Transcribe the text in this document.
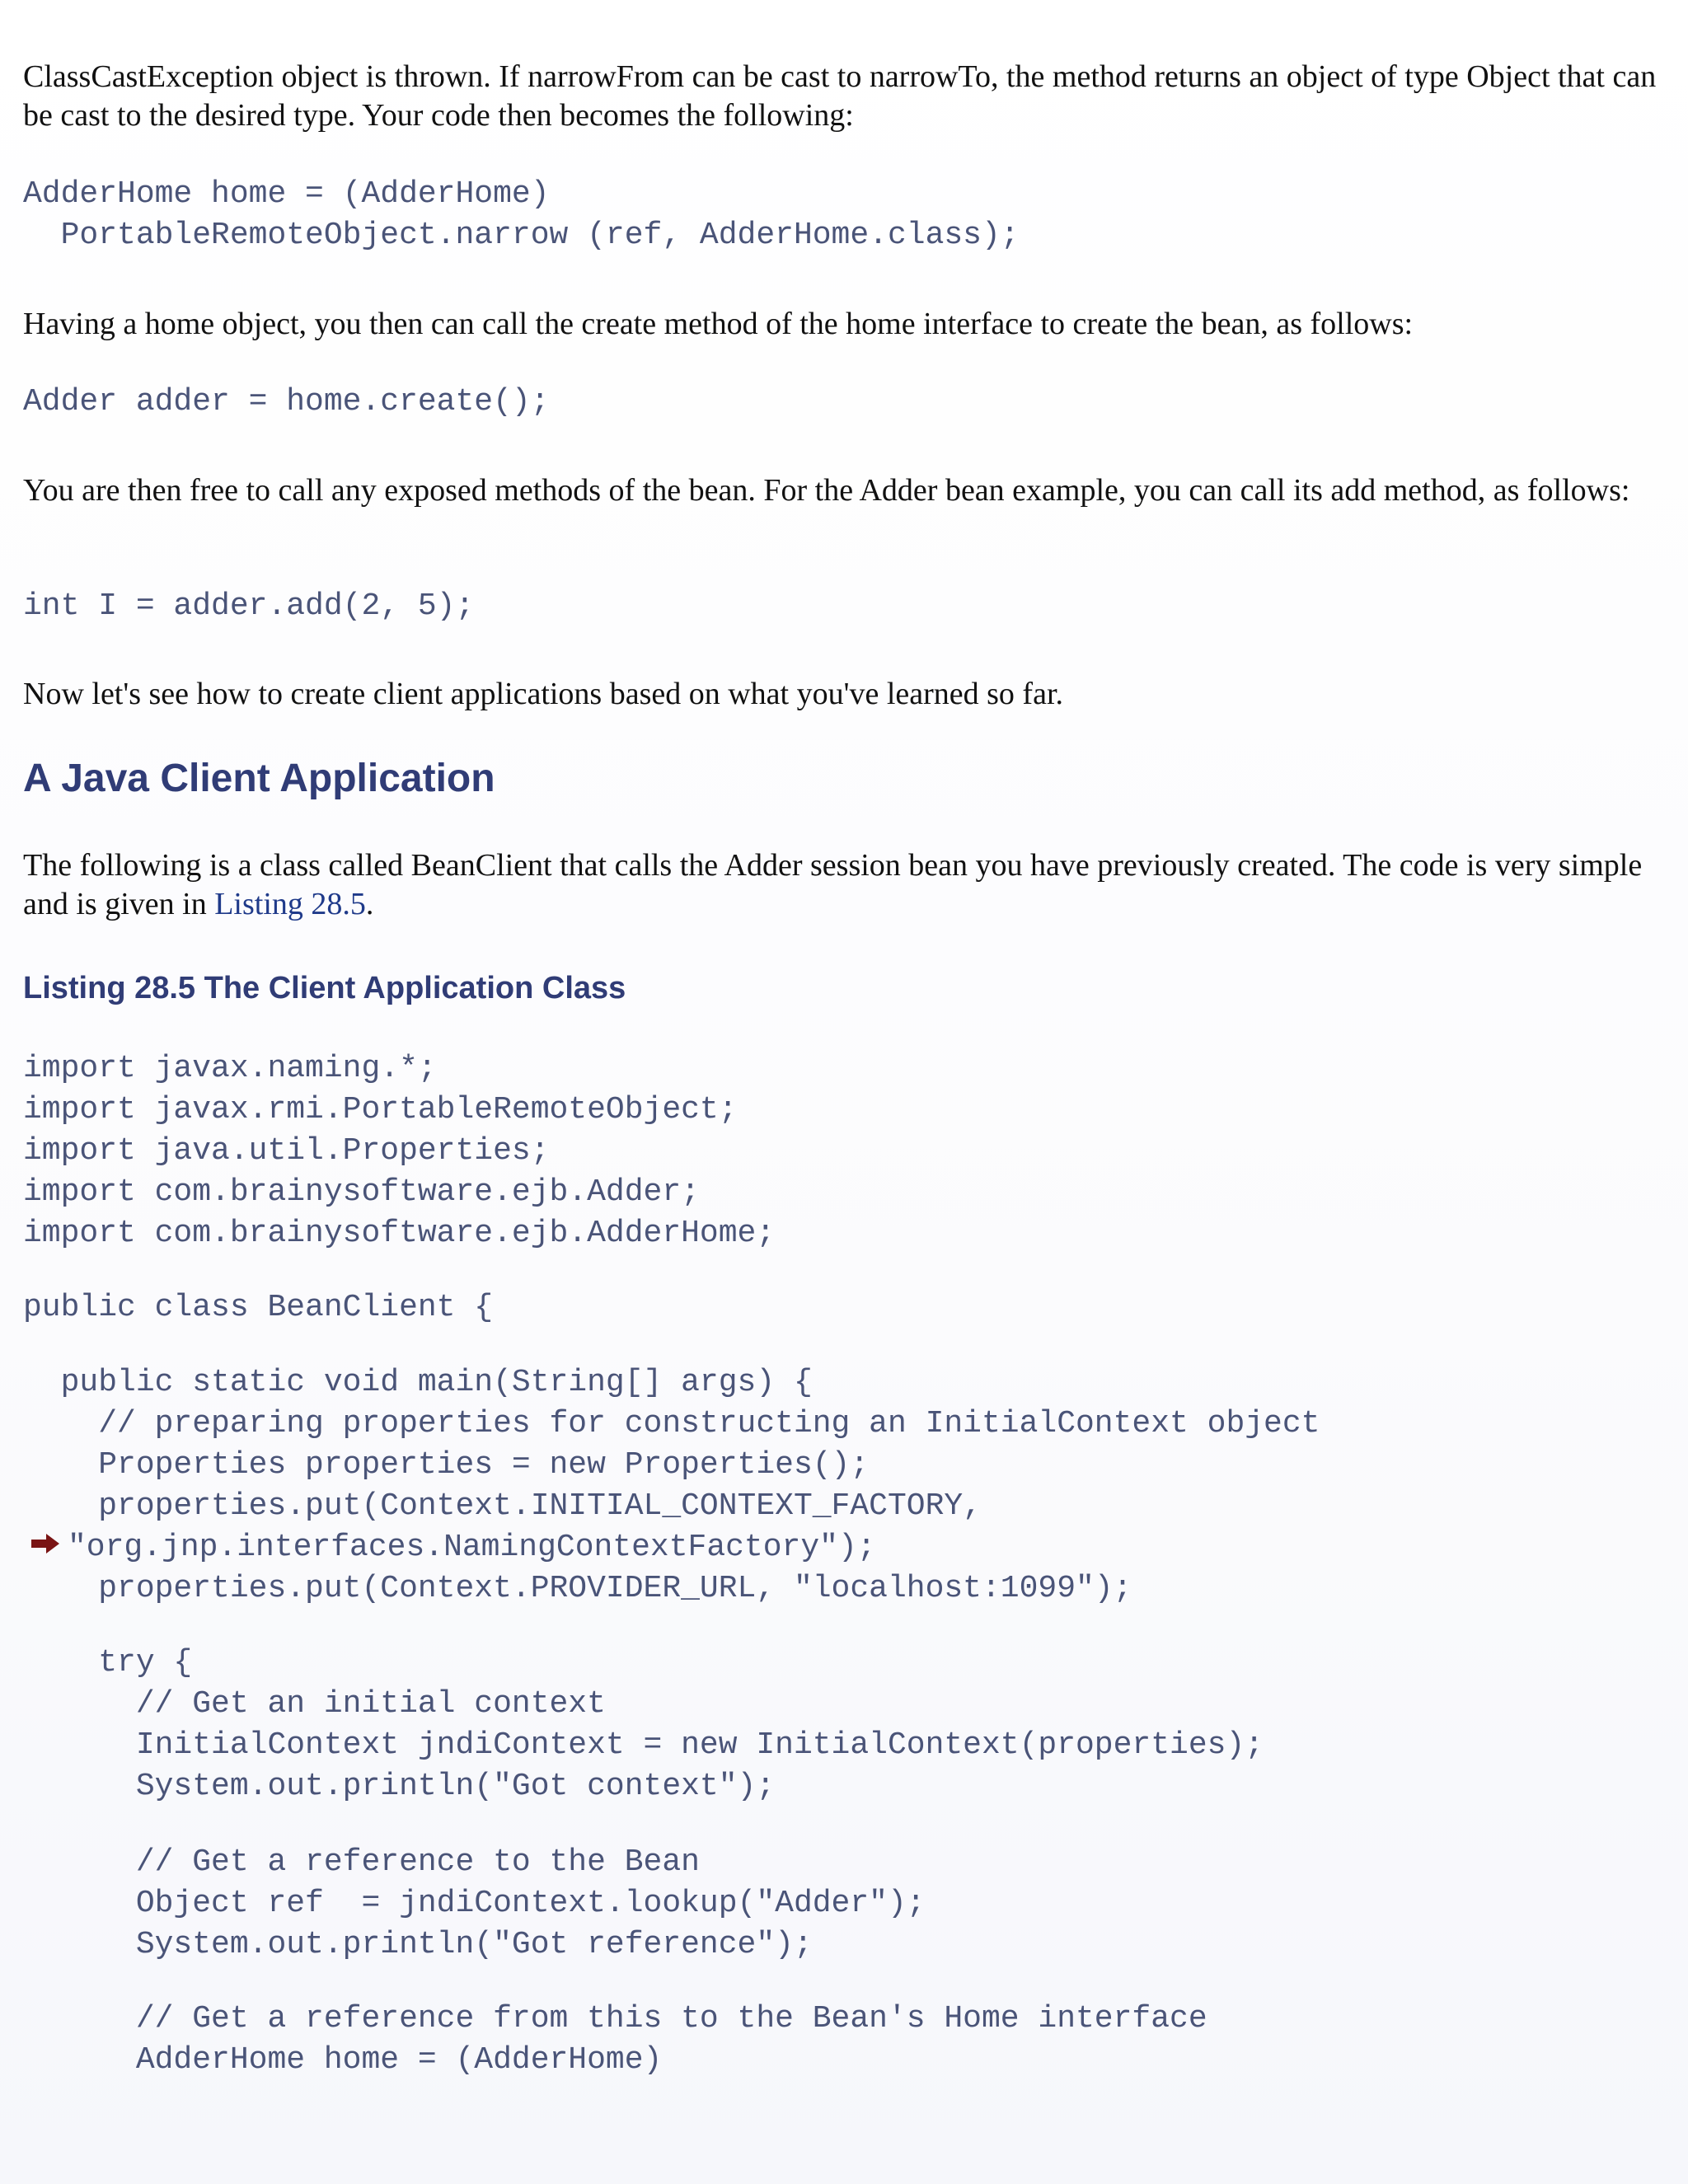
ClassCastException object is thrown. If narrowFrom can be cast to narrowTo, the method returns an object of type Object that can be cast to the desired type. Your code then becomes the following:

AdderHome home = (AdderHome)
PortableRemoteObject.narrow (ref, AdderHome.class);

Having a home object, you then can call the create method of the home interface to create the bean, as follows:

Adder adder = home.create();

You are then free to call any exposed methods of the bean. For the Adder bean example, you can call its add method, as follows:

int I = adder.add(2, 5);

Now let's see how to create client applications based on what you've learned so far.

A Java Client Application

The following is a class called BeanClient that calls the Adder session bean you have previously created. The code is very simple and is given in Listing 28.5.

Listing 28.5 The Client Application Class
import javax.naming.*;
import javax.rmi.PortableRemoteObject;
import java.util.Properties;
import com.brainysoftware.ejb.Adder;
import com.brainysoftware.ejb.AdderHome;
public class BeanClient {
public static void main(String[] args) {
// preparing properties for constructing an InitialContext object
Properties properties = new Properties();
properties.put(Context.INITIAL_CONTEXT_FACTORY,
"org.jnp.interfaces.NamingContextFactory");
properties.put(Context.PROVIDER_URL, "localhost:1099");
try {
// Get an initial context
InitialContext jndiContext = new InitialContext(properties);
System.out.println("Got context");
// Get a reference to the Bean
Object ref  = jndiContext.lookup("Adder");
System.out.println("Got reference");
// Get a reference from this to the Bean's Home interface
AdderHome home = (AdderHome)
